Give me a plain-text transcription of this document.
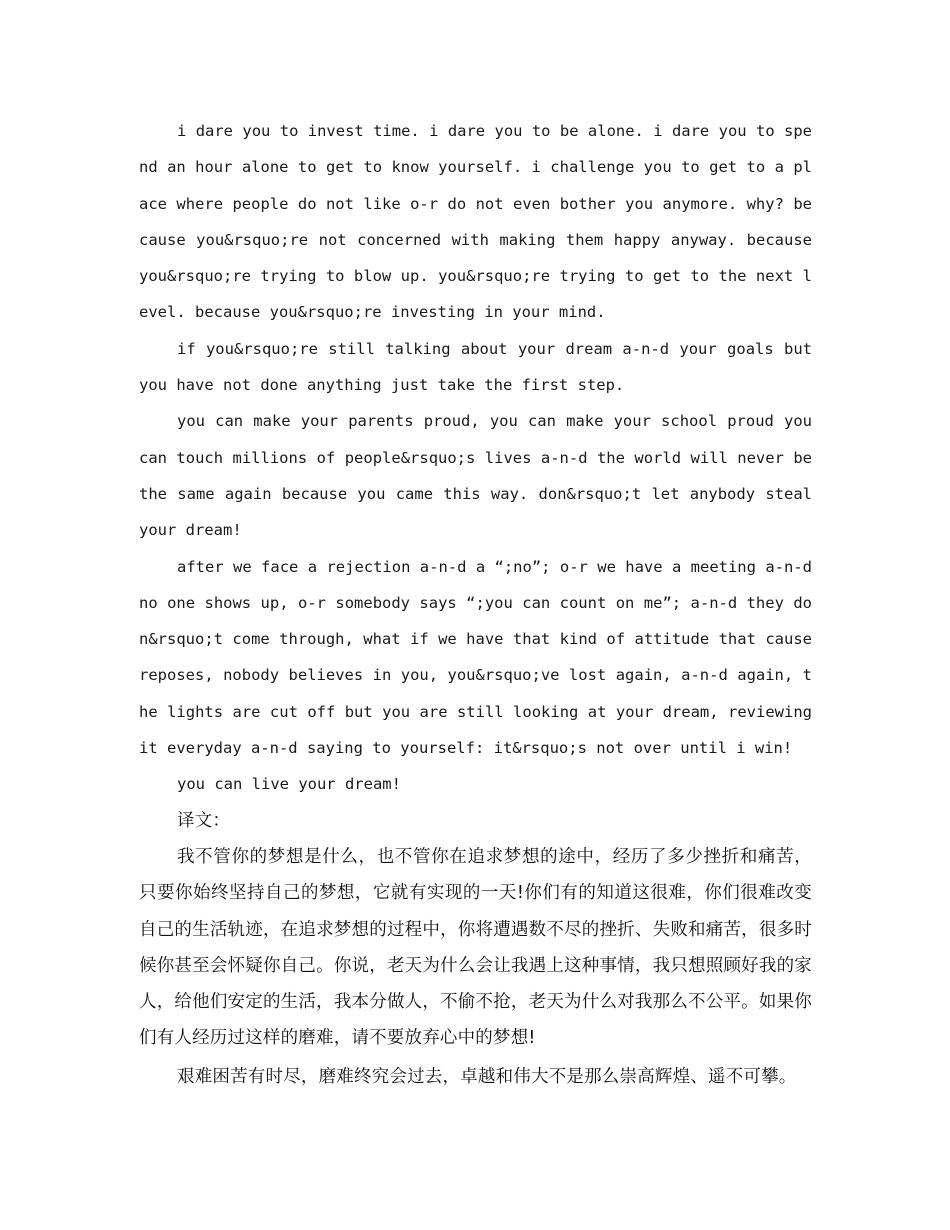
i dare you to invest time. i dare you to be alone. i dare you to spend an hour alone to get to know yourself. i challenge you to get to a place where people do not like o-r do not even bother you anymore. why? because you&rsquo;re not concerned with making them happy anyway. because you&rsquo;re trying to blow up. you&rsquo;re trying to get to the next level. because you&rsquo;re investing in your mind.

if you&rsquo;re still talking about your dream a-n-d your goals but you have not done anything just take the first step.

you can make your parents proud, you can make your school proud you can touch millions of people&rsquo;s lives a-n-d the world will never be the same again because you came this way. don&rsquo;t let anybody steal your dream!

after we face a rejection a-n-d a “;no”; o-r we have a meeting a-n-d no one shows up, o-r somebody says “;you can count on me”; a-n-d they don&rsquo;t come through, what if we have that kind of attitude that cause reposes, nobody believes in you, you&rsquo;ve lost again, a-n-d again, the lights are cut off but you are still looking at your dream, reviewing it everyday a-n-d saying to yourself: it&rsquo;s not over until i win!

you can live your dream!

译文：

我不管你的梦想是什么，也不管你在追求梦想的途中，经历了多少挫折和痛苦，只要你始终坚持自己的梦想，它就有实现的一天!你们有的知道这很难，你们很难改变自己的生活轨迹，在追求梦想的过程中，你将遭遇数不尽的挫折、失败和痛苦，很多时候你甚至会怀疑你自己。你说，老天为什么会让我遇上这种事情，我只想照顾好我的家人，给他们安定的生活，我本分做人，不偷不抢，老天为什么对我那么不公平。如果你们有人经历过这样的磨难，请不要放弃心中的梦想!

艰难困苦有时尽，磨难终究会过去，卓越和伟大不是那么崇高辉煌、遥不可攀。
